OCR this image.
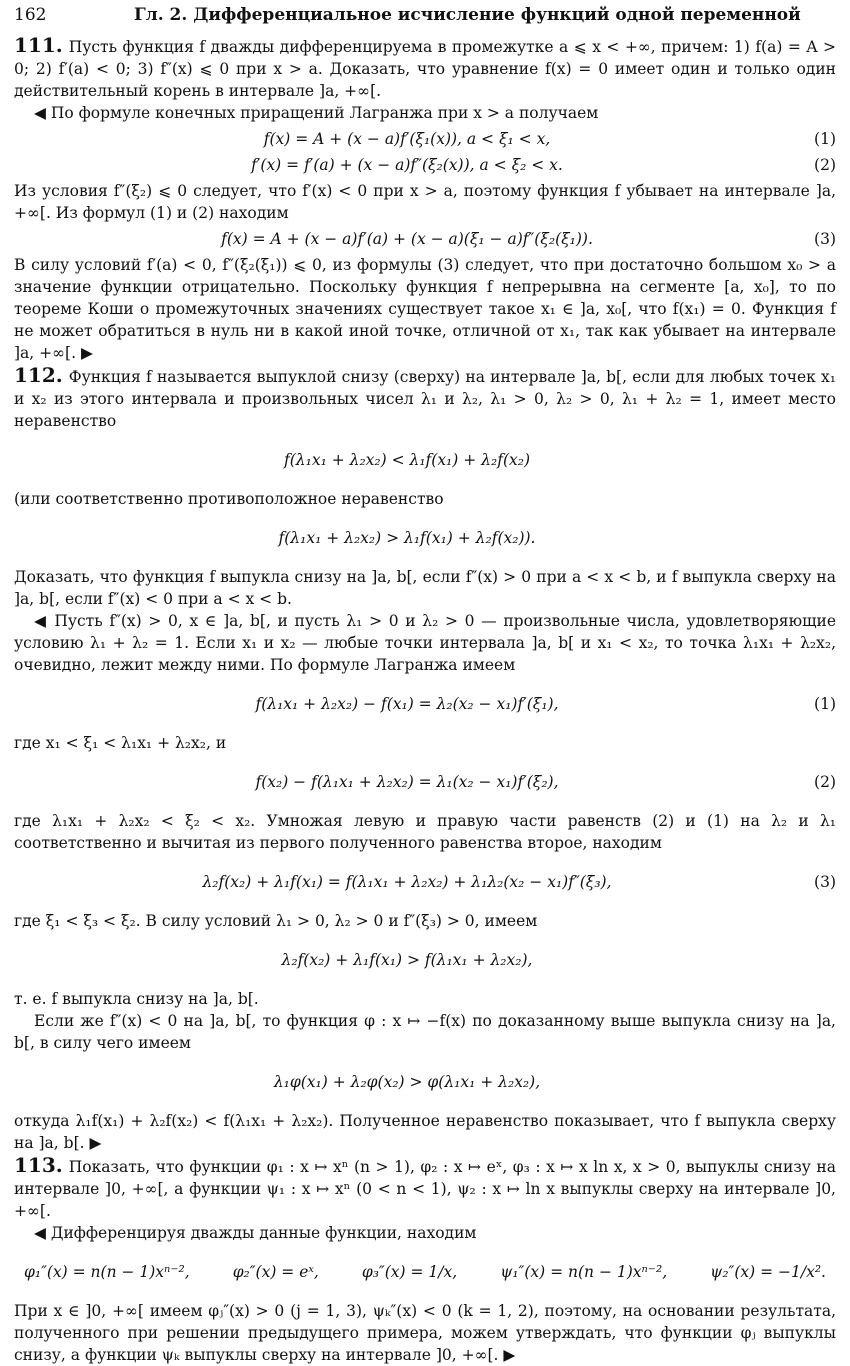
162	Гл. 2. Дифференциальное исчисление функций одной переменной

111. Пусть функция f дважды дифференцируема в промежутке a ⩽ x < +∞, причем: 1) f(a) = A > 0; 2) f′(a) < 0; 3) f″(x) ⩽ 0 при x > a. Доказать, что уравнение f(x) = 0 имеет один и только один действительный корень в интервале ]a, +∞[.

◀ По формуле конечных приращений Лагранжа при x > a получаем

f(x) = A + (x − a)f′(ξ₁(x)), a < ξ₁ < x,	(1)
f′(x) = f′(a) + (x − a)f″(ξ₂(x)), a < ξ₂ < x.	(2)

Из условия f″(ξ₂) ⩽ 0 следует, что f′(x) < 0 при x > a, поэтому функция f убывает на интервале ]a, +∞[. Из формул (1) и (2) находим

f(x) = A + (x − a)f′(a) + (x − a)(ξ₁ − a)f″(ξ₂(ξ₁)).	(3)

В силу условий f′(a) < 0, f″(ξ₂(ξ₁)) ⩽ 0, из формулы (3) следует, что при достаточно большом x₀ > a значение функции отрицательно. Поскольку функция f непрерывна на сегменте [a, x₀], то по теореме Коши о промежуточных значениях существует такое x₁ ∈ ]a, x₀[, что f(x₁) = 0. Функция f не может обратиться в нуль ни в какой иной точке, отличной от x₁, так как убывает на интервале ]a, +∞[. ▶

112. Функция f называется выпуклой снизу (сверху) на интервале ]a, b[, если для любых точек x₁ и x₂ из этого интервала и произвольных чисел λ₁ и λ₂, λ₁ > 0, λ₂ > 0, λ₁ + λ₂ = 1, имеет место неравенство

f(λ₁x₁ + λ₂x₂) < λ₁f(x₁) + λ₂f(x₂)

(или соответственно противоположное неравенство

f(λ₁x₁ + λ₂x₂) > λ₁f(x₁) + λ₂f(x₂)).

Доказать, что функция f выпукла снизу на ]a, b[, если f″(x) > 0 при a < x < b, и f выпукла сверху на ]a, b[, если f″(x) < 0 при a < x < b.

◀ Пусть f″(x) > 0, x ∈ ]a, b[, и пусть λ₁ > 0 и λ₂ > 0 — произвольные числа, удовлетворяющие условию λ₁ + λ₂ = 1. Если x₁ и x₂ — любые точки интервала ]a, b[ и x₁ < x₂, то точка λ₁x₁ + λ₂x₂, очевидно, лежит между ними. По формуле Лагранжа имеем

f(λ₁x₁ + λ₂x₂) − f(x₁) = λ₂(x₂ − x₁)f′(ξ₁),	(1)

где x₁ < ξ₁ < λ₁x₁ + λ₂x₂, и

f(x₂) − f(λ₁x₁ + λ₂x₂) = λ₁(x₂ − x₁)f′(ξ₂),	(2)

где λ₁x₁ + λ₂x₂ < ξ₂ < x₂. Умножая левую и правую части равенств (2) и (1) на λ₂ и λ₁ соответственно и вычитая из первого полученного равенства второе, находим

λ₂f(x₂) + λ₁f(x₁) = f(λ₁x₁ + λ₂x₂) + λ₁λ₂(x₂ − x₁)f″(ξ₃),	(3)

где ξ₁ < ξ₃ < ξ₂. В силу условий λ₁ > 0, λ₂ > 0 и f″(ξ₃) > 0, имеем

λ₂f(x₂) + λ₁f(x₁) > f(λ₁x₁ + λ₂x₂),

т. е. f выпукла снизу на ]a, b[.

Если же f″(x) < 0 на ]a, b[, то функция φ : x ↦ −f(x) по доказанному выше выпукла снизу на ]a, b[, в силу чего имеем

λ₁φ(x₁) + λ₂φ(x₂) > φ(λ₁x₁ + λ₂x₂),

откуда λ₁f(x₁) + λ₂f(x₂) < f(λ₁x₁ + λ₂x₂). Полученное неравенство показывает, что f выпукла сверху на ]a, b[. ▶

113. Показать, что функции φ₁ : x ↦ xⁿ (n > 1), φ₂ : x ↦ eˣ, φ₃ : x ↦ x ln x, x > 0, выпуклы снизу на интервале ]0, +∞[, а функции ψ₁ : x ↦ xⁿ (0 < n < 1), ψ₂ : x ↦ ln x выпуклы сверху на интервале ]0, +∞[.

◀ Дифференцируя дважды данные функции, находим

φ₁″(x) = n(n − 1)xⁿ⁻²,	φ₂″(x) = eˣ,	φ₃″(x) = 1/x,	ψ₁″(x) = n(n − 1)xⁿ⁻²,	ψ₂″(x) = −1/x².

При x ∈ ]0, +∞[ имеем φⱼ″(x) > 0 (j = 1, 3), ψₖ″(x) < 0 (k = 1, 2), поэтому, на основании результата, полученного при решении предыдущего примера, можем утверждать, что функции φⱼ выпуклы снизу, а функции ψₖ выпуклы сверху на интервале ]0, +∞[. ▶
